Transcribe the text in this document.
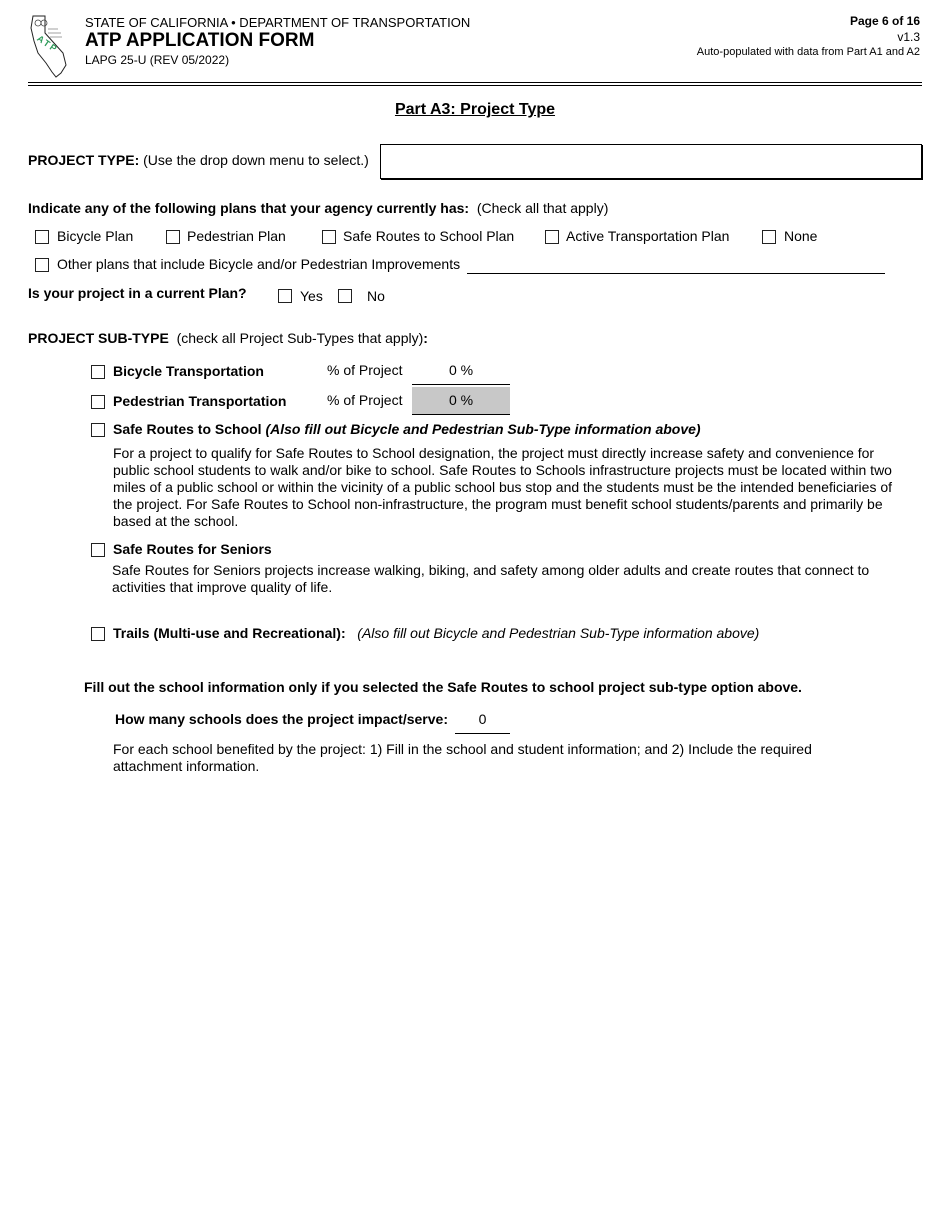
ATP
STATE OF CALIFORNIA • DEPARTMENT OF TRANSPORTATION
ATP APPLICATION FORM
LAPG 25-U (REV 05/2022)
Page 6 of 16
v1.3
Auto-populated with data from Part A1 and A2
Part A3: Project Type
PROJECT TYPE: (Use the drop down menu to select.)
Indicate any of the following plans that your agency currently has: (Check all that apply)
Bicycle Plan	Pedestrian Plan	Safe Routes to School Plan	Active Transportation Plan	None
Other plans that include Bicycle and/or Pedestrian Improvements
Is your project in a current Plan?	Yes	No
PROJECT SUB-TYPE (check all Project Sub-Types that apply):
Bicycle Transportation	% of Project	0 %
Pedestrian Transportation	% of Project	0 %
Safe Routes to School (Also fill out Bicycle and Pedestrian Sub-Type information above)
For a project to qualify for Safe Routes to School designation, the project must directly increase safety and convenience for public school students to walk and/or bike to school. Safe Routes to Schools infrastructure projects must be located within two miles of a public school or within the vicinity of a public school bus stop and the students must be the intended beneficiaries of the project. For Safe Routes to School non-infrastructure, the program must benefit school students/parents and primarily be based at the school.
Safe Routes for Seniors
Safe Routes for Seniors projects increase walking, biking, and safety among older adults and create routes that connect to activities that improve quality of life.
Trails (Multi-use and Recreational): (Also fill out Bicycle and Pedestrian Sub-Type information above)
Fill out the school information only if you selected the Safe Routes to school project sub-type option above.
How many schools does the project impact/serve:	0
For each school benefited by the project: 1) Fill in the school and student information; and 2) Include the required attachment information.
